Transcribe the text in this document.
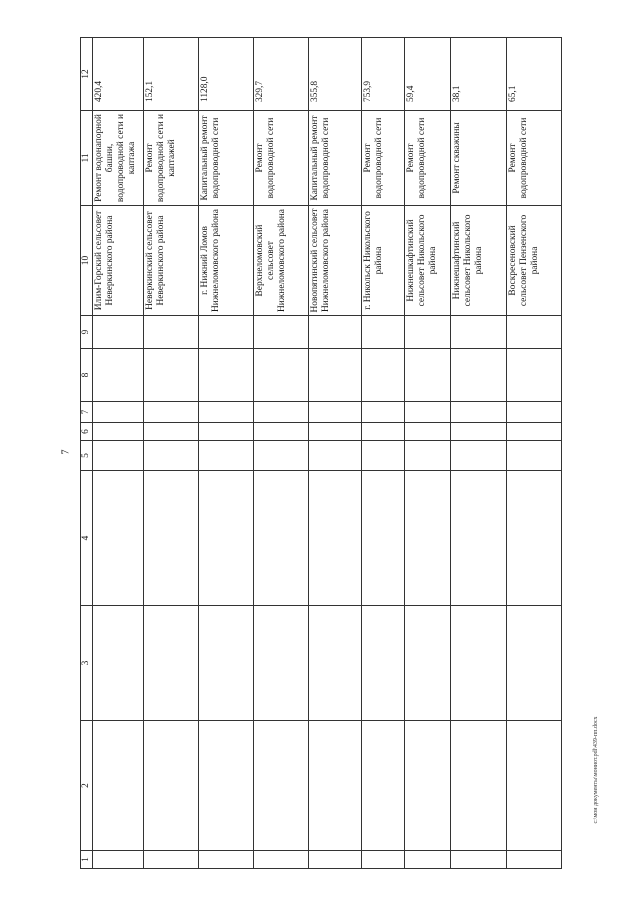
7
c:\мои документы\мониот.pdl\439-пп.docx
1	2	3	4	5	6	7	8	9	10	11	12
									Илим-Горский сельсовет Неверкинского района	Ремонт водонапорной башни, водопроводной сети и каптажа	420,4
									Неверкинский сельсовет Неверкинского района	Ремонт водопроводной сети и каптажей	152,1
									г. Нижний Ломов Нижнеломовского района	Капитальный ремонт водопроводной сети	1128,0
									Верхнеломовский сельсовет Нижнеломовского района	Ремонт водопроводной сети	329,7
									Новопятинский сельсовет Нижнеломовского района	Капитальный ремонт водопроводной сети	355,8
									г. Никольск Никольского района	Ремонт водопроводной сети	753,9
									Нижнешкафтинский сельсовет Никольского района	Ремонт водопроводной сети	59,4
									Нижнешафтинский сельсовет Никольского района	Ремонт скважины	38,1
									Воскресеновский сельсовет Пензенского района	Ремонт водопроводной сети	65,1
